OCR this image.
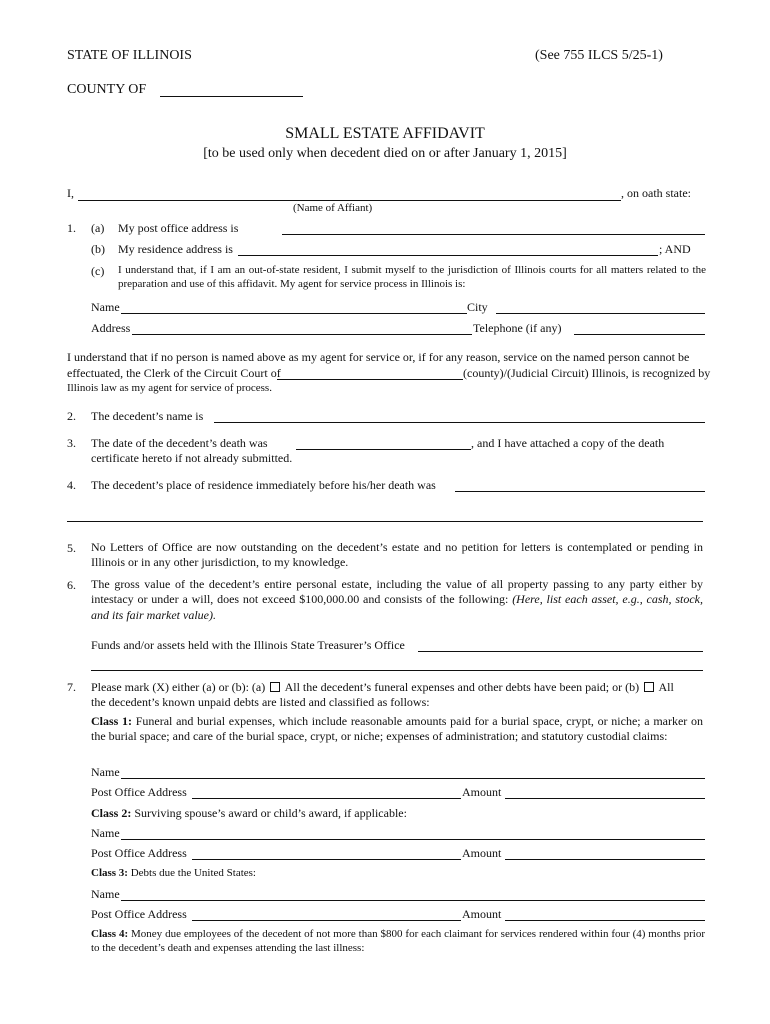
STATE OF ILLINOIS	(See 755 ILCS 5/25-1)
COUNTY OF
SMALL ESTATE AFFIDAVIT
[to be used only when decedent died on or after January 1, 2015]
I,	, on oath state:
(Name of Affiant)
1. (a) My post office address is
(b) My residence address is	; AND
(c) I understand that, if I am an out-of-state resident, I submit myself to the jurisdiction of Illinois courts for all matters related to the preparation and use of this affidavit. My agent for service process in Illinois is:
Name	City
Address	Telephone (if any)
I understand that if no person is named above as my agent for service or, if for any reason, service on the named person cannot be
effectuated, the Clerk of the Circuit Court of	(county)/(Judicial Circuit) Illinois, is recognized by
Illinois law as my agent for service of process.
2. The decedent’s name is
3. The date of the decedent’s death was	, and I have attached a copy of the death
certificate hereto if not already submitted.
4. The decedent’s place of residence immediately before his/her death was
5. No Letters of Office are now outstanding on the decedent’s estate and no petition for letters is contemplated or pending in Illinois or in any other jurisdiction, to my knowledge.
6. The gross value of the decedent’s entire personal estate, including the value of all property passing to any party either by intestacy or under a will, does not exceed $100,000.00 and consists of the following: (Here, list each asset, e.g., cash, stock, and its fair market value).
Funds and/or assets held with the Illinois State Treasurer’s Office
7. Please mark (X) either (a) or (b): (a) All the decedent’s funeral expenses and other debts have been paid; or (b) All
the decedent’s known unpaid debts are listed and classified as follows:
Class 1: Funeral and burial expenses, which include reasonable amounts paid for a burial space, crypt, or niche; a marker on the burial space; and care of the burial space, crypt, or niche; expenses of administration; and statutory custodial claims:
Name
Post Office Address	Amount
Class 2: Surviving spouse’s award or child’s award, if applicable:
Name
Post Office Address	Amount
Class 3: Debts due the United States:
Name
Post Office Address	Amount
Class 4: Money due employees of the decedent of not more than $800 for each claimant for services rendered within four (4) months prior to the decedent’s death and expenses attending the last illness:
